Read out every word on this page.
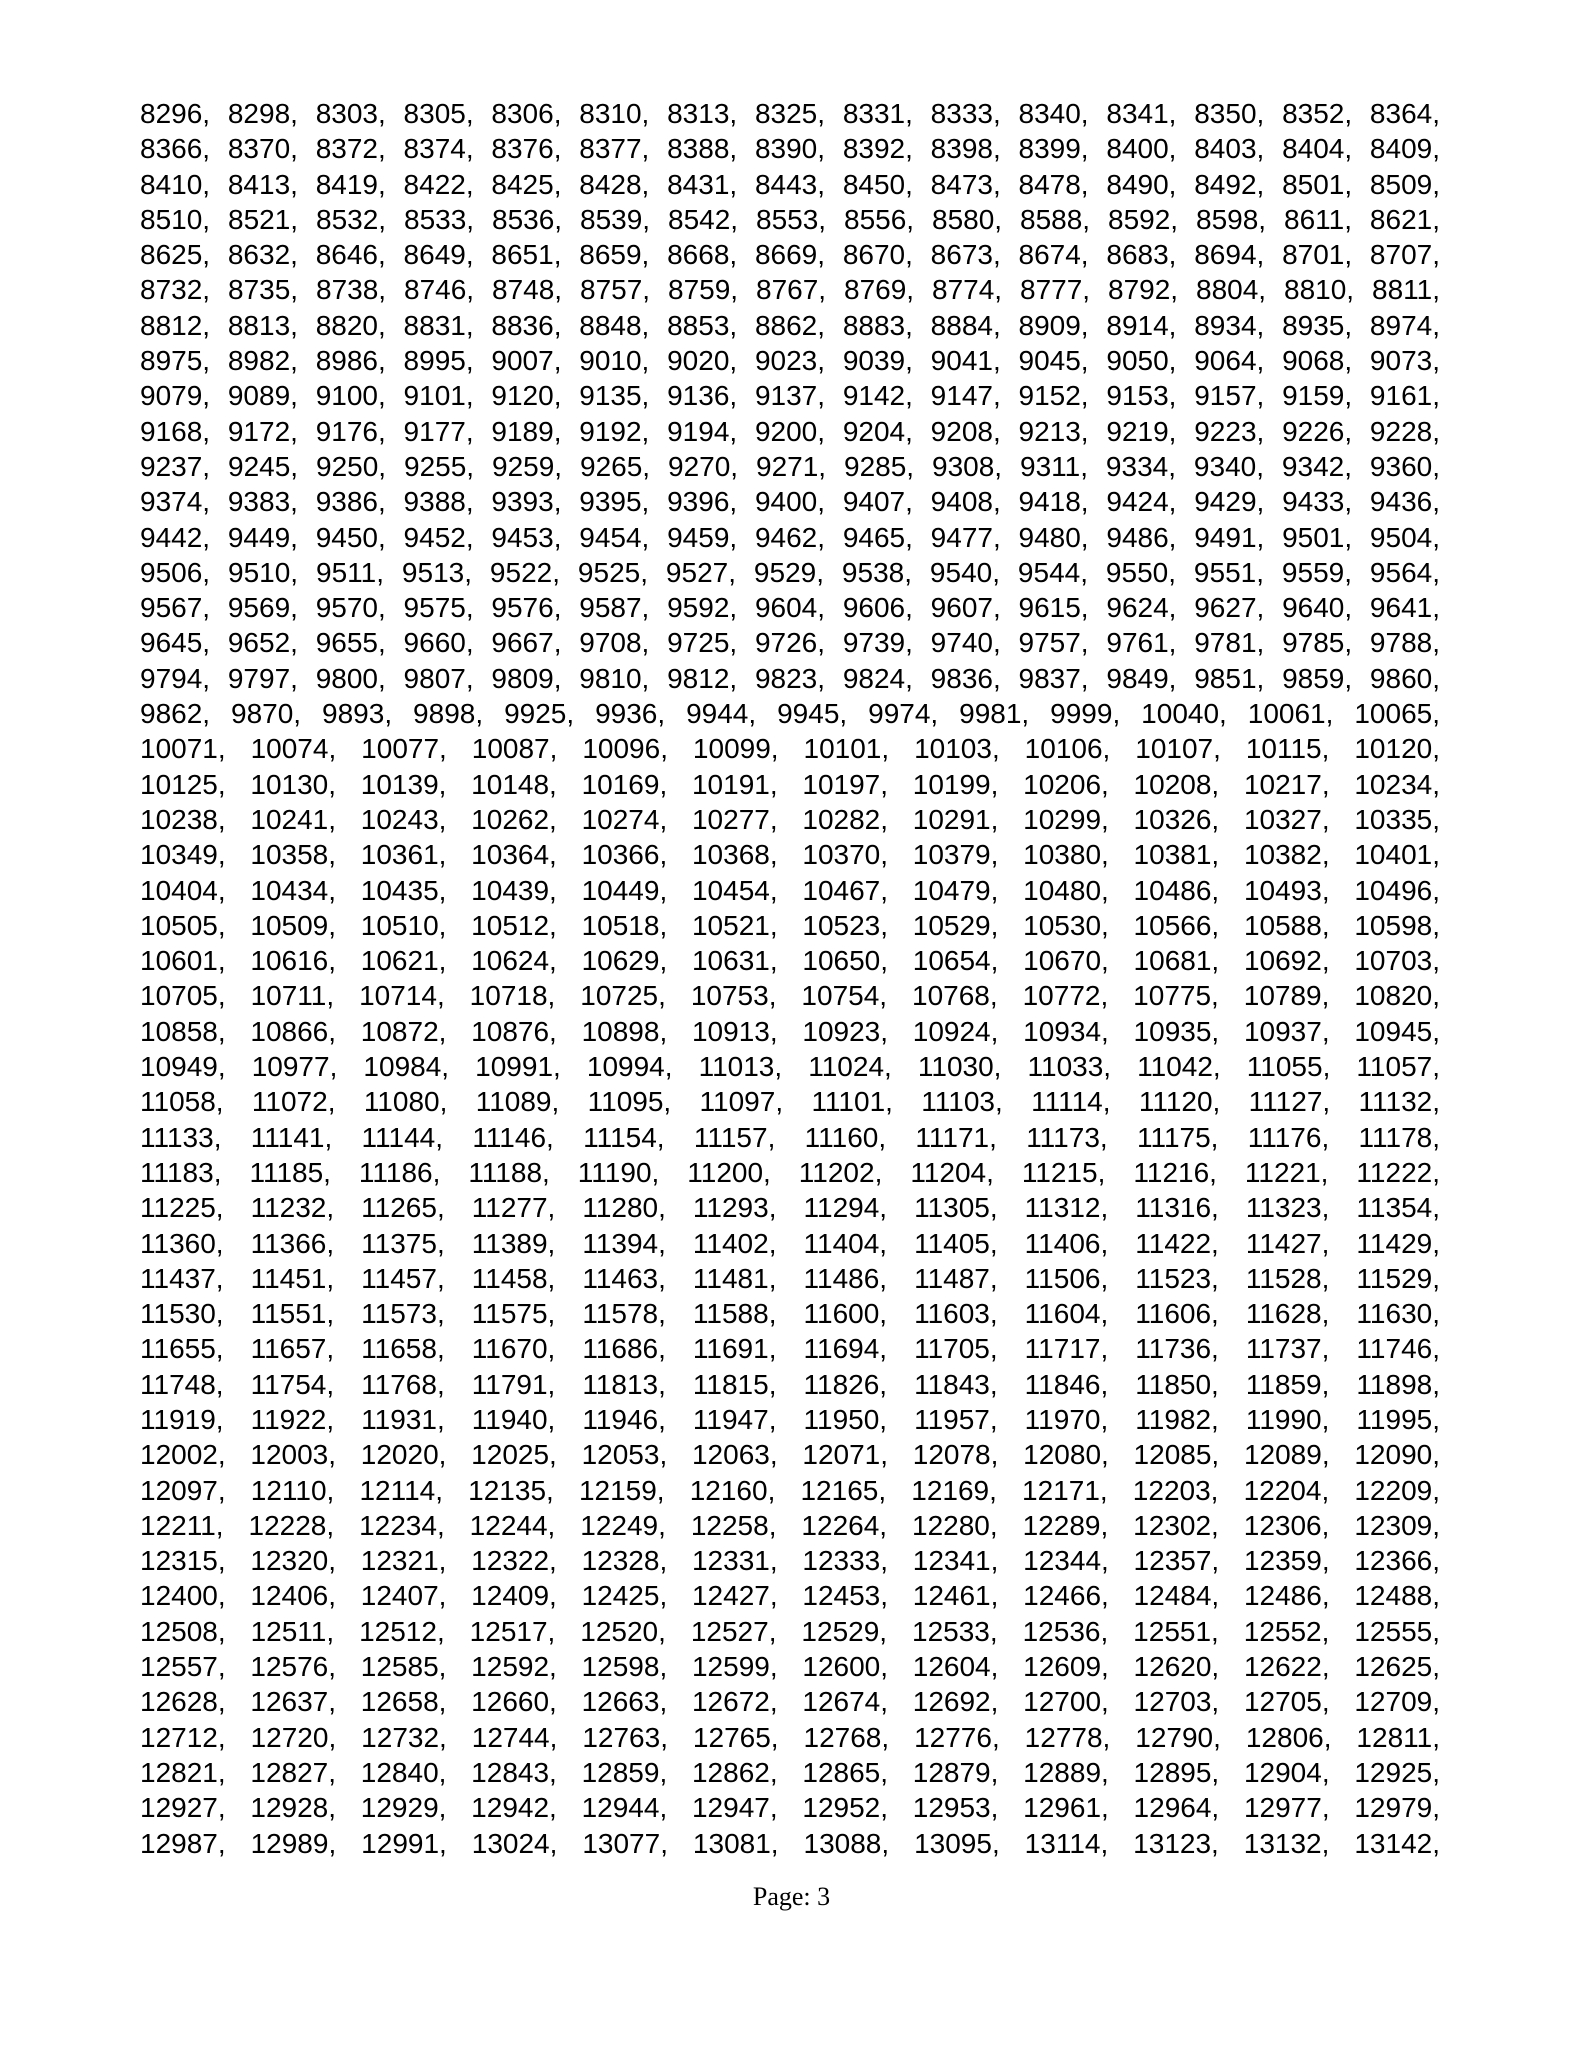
8296, 8298, 8303, 8305, 8306, 8310, 8313, 8325, 8331, 8333, 8340, 8341, 8350, 8352, 8364,
8366, 8370, 8372, 8374, 8376, 8377, 8388, 8390, 8392, 8398, 8399, 8400, 8403, 8404, 8409,
8410, 8413, 8419, 8422, 8425, 8428, 8431, 8443, 8450, 8473, 8478, 8490, 8492, 8501, 8509,
8510, 8521, 8532, 8533, 8536, 8539, 8542, 8553, 8556, 8580, 8588, 8592, 8598, 8611, 8621,
8625, 8632, 8646, 8649, 8651, 8659, 8668, 8669, 8670, 8673, 8674, 8683, 8694, 8701, 8707,
8732, 8735, 8738, 8746, 8748, 8757, 8759, 8767, 8769, 8774, 8777, 8792, 8804, 8810, 8811,
8812, 8813, 8820, 8831, 8836, 8848, 8853, 8862, 8883, 8884, 8909, 8914, 8934, 8935, 8974,
8975, 8982, 8986, 8995, 9007, 9010, 9020, 9023, 9039, 9041, 9045, 9050, 9064, 9068, 9073,
9079, 9089, 9100, 9101, 9120, 9135, 9136, 9137, 9142, 9147, 9152, 9153, 9157, 9159, 9161,
9168, 9172, 9176, 9177, 9189, 9192, 9194, 9200, 9204, 9208, 9213, 9219, 9223, 9226, 9228,
9237, 9245, 9250, 9255, 9259, 9265, 9270, 9271, 9285, 9308, 9311, 9334, 9340, 9342, 9360,
9374, 9383, 9386, 9388, 9393, 9395, 9396, 9400, 9407, 9408, 9418, 9424, 9429, 9433, 9436,
9442, 9449, 9450, 9452, 9453, 9454, 9459, 9462, 9465, 9477, 9480, 9486, 9491, 9501, 9504,
9506, 9510, 9511, 9513, 9522, 9525, 9527, 9529, 9538, 9540, 9544, 9550, 9551, 9559, 9564,
9567, 9569, 9570, 9575, 9576, 9587, 9592, 9604, 9606, 9607, 9615, 9624, 9627, 9640, 9641,
9645, 9652, 9655, 9660, 9667, 9708, 9725, 9726, 9739, 9740, 9757, 9761, 9781, 9785, 9788,
9794, 9797, 9800, 9807, 9809, 9810, 9812, 9823, 9824, 9836, 9837, 9849, 9851, 9859, 9860,
9862, 9870, 9893, 9898, 9925, 9936, 9944, 9945, 9974, 9981, 9999, 10040, 10061, 10065,
10071, 10074, 10077, 10087, 10096, 10099, 10101, 10103, 10106, 10107, 10115, 10120,
10125, 10130, 10139, 10148, 10169, 10191, 10197, 10199, 10206, 10208, 10217, 10234,
10238, 10241, 10243, 10262, 10274, 10277, 10282, 10291, 10299, 10326, 10327, 10335,
10349, 10358, 10361, 10364, 10366, 10368, 10370, 10379, 10380, 10381, 10382, 10401,
10404, 10434, 10435, 10439, 10449, 10454, 10467, 10479, 10480, 10486, 10493, 10496,
10505, 10509, 10510, 10512, 10518, 10521, 10523, 10529, 10530, 10566, 10588, 10598,
10601, 10616, 10621, 10624, 10629, 10631, 10650, 10654, 10670, 10681, 10692, 10703,
10705, 10711, 10714, 10718, 10725, 10753, 10754, 10768, 10772, 10775, 10789, 10820,
10858, 10866, 10872, 10876, 10898, 10913, 10923, 10924, 10934, 10935, 10937, 10945,
10949, 10977, 10984, 10991, 10994, 11013, 11024, 11030, 11033, 11042, 11055, 11057,
11058, 11072, 11080, 11089, 11095, 11097, 11101, 11103, 11114, 11120, 11127, 11132,
11133, 11141, 11144, 11146, 11154, 11157, 11160, 11171, 11173, 11175, 11176, 11178,
11183, 11185, 11186, 11188, 11190, 11200, 11202, 11204, 11215, 11216, 11221, 11222,
11225, 11232, 11265, 11277, 11280, 11293, 11294, 11305, 11312, 11316, 11323, 11354,
11360, 11366, 11375, 11389, 11394, 11402, 11404, 11405, 11406, 11422, 11427, 11429,
11437, 11451, 11457, 11458, 11463, 11481, 11486, 11487, 11506, 11523, 11528, 11529,
11530, 11551, 11573, 11575, 11578, 11588, 11600, 11603, 11604, 11606, 11628, 11630,
11655, 11657, 11658, 11670, 11686, 11691, 11694, 11705, 11717, 11736, 11737, 11746,
11748, 11754, 11768, 11791, 11813, 11815, 11826, 11843, 11846, 11850, 11859, 11898,
11919, 11922, 11931, 11940, 11946, 11947, 11950, 11957, 11970, 11982, 11990, 11995,
12002, 12003, 12020, 12025, 12053, 12063, 12071, 12078, 12080, 12085, 12089, 12090,
12097, 12110, 12114, 12135, 12159, 12160, 12165, 12169, 12171, 12203, 12204, 12209,
12211, 12228, 12234, 12244, 12249, 12258, 12264, 12280, 12289, 12302, 12306, 12309,
12315, 12320, 12321, 12322, 12328, 12331, 12333, 12341, 12344, 12357, 12359, 12366,
12400, 12406, 12407, 12409, 12425, 12427, 12453, 12461, 12466, 12484, 12486, 12488,
12508, 12511, 12512, 12517, 12520, 12527, 12529, 12533, 12536, 12551, 12552, 12555,
12557, 12576, 12585, 12592, 12598, 12599, 12600, 12604, 12609, 12620, 12622, 12625,
12628, 12637, 12658, 12660, 12663, 12672, 12674, 12692, 12700, 12703, 12705, 12709,
12712, 12720, 12732, 12744, 12763, 12765, 12768, 12776, 12778, 12790, 12806, 12811,
12821, 12827, 12840, 12843, 12859, 12862, 12865, 12879, 12889, 12895, 12904, 12925,
12927, 12928, 12929, 12942, 12944, 12947, 12952, 12953, 12961, 12964, 12977, 12979,
12987, 12989, 12991, 13024, 13077, 13081, 13088, 13095, 13114, 13123, 13132, 13142,
Page: 3
